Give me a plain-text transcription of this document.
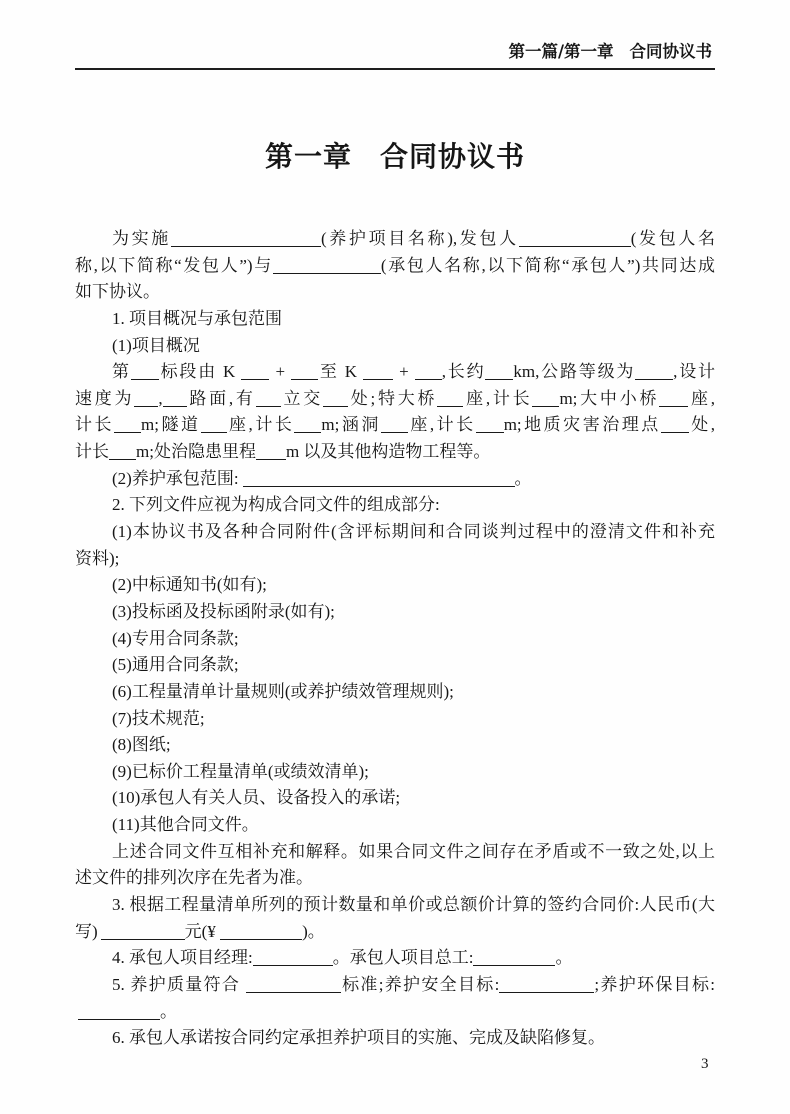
第一篇/第一章 合同协议书
第一章 合同协议书
为实施	(养护项目名称),发包人	(发包人名
称,以下简称“发包人”)与	(承包人名称,以下简称“承包人”)共同达成
如下协议。
1. 项目概况与承包范围
(1)项目概况
第 标段由 K  + 至 K  + ,长约 km,公路等级为 ,设计
速度为 , 路面,有 立交 处;特大桥 座,计长 m;大中小桥 座,
计长 m;隧道 座,计长 m;涵洞 座,计长 m;地质灾害治理点 处,
计长 m;处治隐患里程 m 以及其他构造物工程等。
(2)养护承包范围:	。
2. 下列文件应视为构成合同文件的组成部分:
(1)本协议书及各种合同附件(含评标期间和合同谈判过程中的澄清文件和补充
资料);
(2)中标通知书(如有);
(3)投标函及投标函附录(如有);
(4)专用合同条款;
(5)通用合同条款;
(6)工程量清单计量规则(或养护绩效管理规则);
(7)技术规范;
(8)图纸;
(9)已标价工程量清单(或绩效清单);
(10)承包人有关人员、设备投入的承诺;
(11)其他合同文件。
上述合同文件互相补充和解释。如果合同文件之间存在矛盾或不一致之处,以上
述文件的排列次序在先者为准。
3. 根据工程量清单所列的预计数量和单价或总额价计算的签约合同价:人民币(大
写)	元(¥	)。
4. 承包人项目经理:	。承包人项目总工:	。
5. 养护质量符合	标准;养护安全目标:	;养护环保目标:
。
6. 承包人承诺按合同约定承担养护项目的实施、完成及缺陷修复。
3
